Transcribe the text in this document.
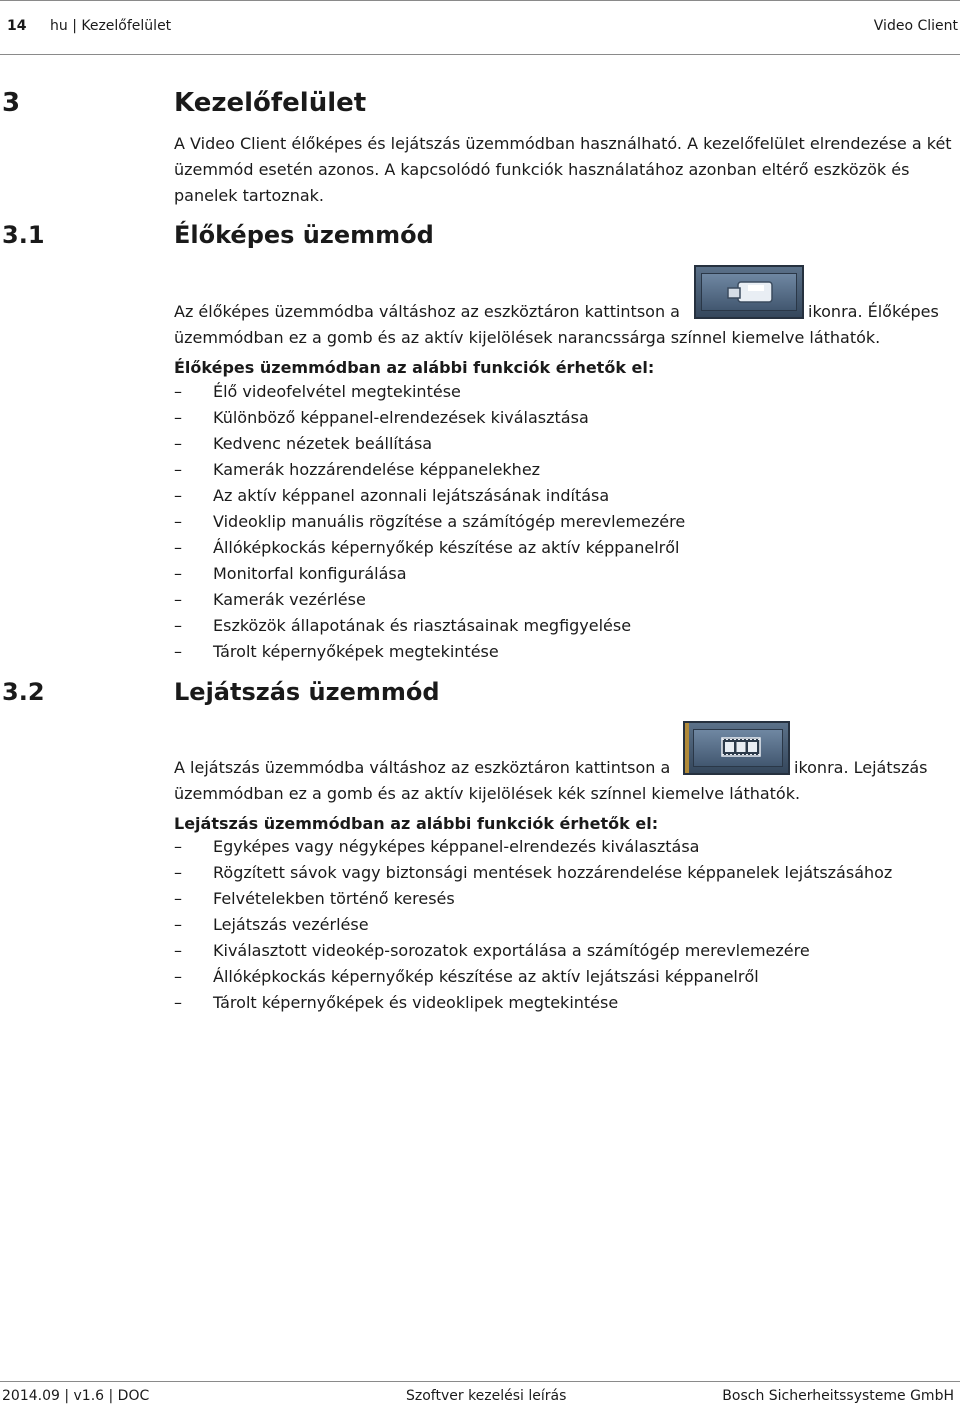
14 hu | Kezelőfelület	Video Client
3	Kezelőfelület
A Video Client élőképes és lejátszás üzemmódban használható. A kezelőfelület elrendezése a két üzemmód esetén azonos. A kapcsolódó funkciók használatához azonban eltérő eszközök és panelek tartoznak.
3.1	Élőképes üzemmód
Az élőképes üzemmódba váltáshoz az eszköztáron kattintson a	ikonra. Élőképes
üzemmódban ez a gomb és az aktív kijelölések narancssárga színnel kiemelve láthatók.
Élőképes üzemmódban az alábbi funkciók érhetők el:
– Élő videofelvétel megtekintése
– Különböző képpanel-elrendezések kiválasztása
– Kedvenc nézetek beállítása
– Kamerák hozzárendelése képpanelekhez
– Az aktív képpanel azonnali lejátszásának indítása
– Videoklip manuális rögzítése a számítógép merevlemezére
– Állóképkockás képernyőkép készítése az aktív képpanelről
– Monitorfal konfigurálása
– Kamerák vezérlése
– Eszközök állapotának és riasztásainak megfigyelése
– Tárolt képernyőképek megtekintése
3.2	Lejátszás üzemmód
A lejátszás üzemmódba váltáshoz az eszköztáron kattintson a	ikonra. Lejátszás
üzemmódban ez a gomb és az aktív kijelölések kék színnel kiemelve láthatók.
Lejátszás üzemmódban az alábbi funkciók érhetők el:
– Egyképes vagy négyképes képpanel-elrendezés kiválasztása
– Rögzített sávok vagy biztonsági mentések hozzárendelése képpanelek lejátszásához
– Felvételekben történő keresés
– Lejátszás vezérlése
– Kiválasztott videokép-sorozatok exportálása a számítógép merevlemezére
– Állóképkockás képernyőkép készítése az aktív lejátszási képpanelről
– Tárolt képernyőképek és videoklipek megtekintése
2014.09 | v1.6 | DOC	Szoftver kezelési leírás	Bosch Sicherheitssysteme GmbH
